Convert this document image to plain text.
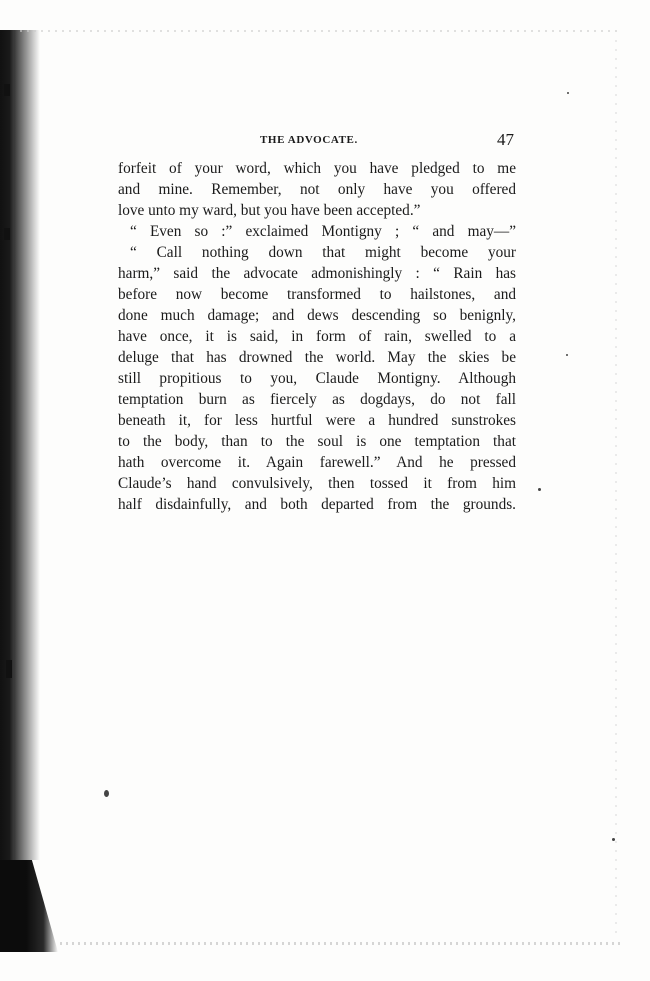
THE ADVOCATE.	47
forfeit of your word, which you have pledged to me
and mine. Remember, not only have you offered
love unto my ward, but you have been accepted.”
“ Even so :” exclaimed Montigny ; “ and may—”
“ Call nothing down that might become your
harm,” said the advocate admonishingly : “ Rain has
before now become transformed to hailstones, and
done much damage; and dews descending so benignly,
have once, it is said, in form of rain, swelled to a
deluge that has drowned the world. May the skies be
still propitious to you, Claude Montigny. Although
temptation burn as fiercely as dogdays, do not fall
beneath it, for less hurtful were a hundred sunstrokes
to the body, than to the soul is one temptation that
hath overcome it. Again farewell.” And he pressed
Claude’s hand convulsively, then tossed it from him
half disdainfully, and both departed from the grounds.
